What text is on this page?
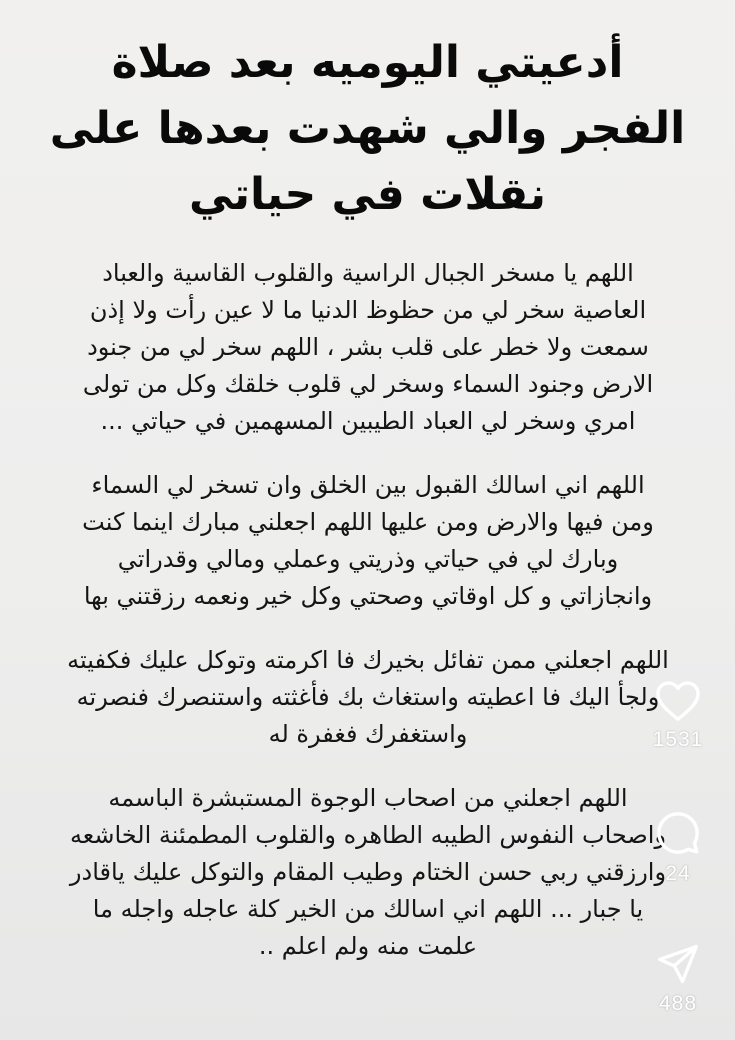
أدعيتي اليوميه بعد صلاة
الفجر والي شهدت بعدها على
نقلات في حياتي

اللهم يا مسخر الجبال الراسية والقلوب القاسية والعباد
العاصية سخر لي من حظوظ الدنيا ما لا عين رأت ولا إذن
سمعت ولا خطر على قلب بشر ، اللهم سخر لي من جنود
الارض وجنود السماء وسخر لي قلوب خلقك وكل من تولى
امري وسخر لي العباد الطيبين المسهمين في حياتي ...

اللهم اني اسالك القبول بين الخلق وان تسخر لي السماء
ومن فيها والارض ومن عليها اللهم اجعلني مبارك اينما كنت
وبارك لي في حياتي وذريتي وعملي ومالي وقدراتي
وانجازاتي و كل اوقاتي وصحتي وكل خير ونعمه رزقتني بها

اللهم اجعلني ممن تفائل بخيرك فا اكرمته وتوكل عليك فكفيته
ولجأ اليك فا اعطيته واستغاث بك فأغثته واستنصرك فنصرته
واستغفرك فغفرة له

اللهم اجعلني من اصحاب الوجوة المستبشرة الباسمه
واصحاب النفوس الطيبه الطاهره والقلوب المطمئنة الخاشعه
وارزقني ربي حسن الختام وطيب المقام والتوكل عليك ياقادر
يا جبار ... اللهم اني اسالك من الخير كلة عاجله واجله ما
علمت منه ولم اعلم ..

1531
24
488
